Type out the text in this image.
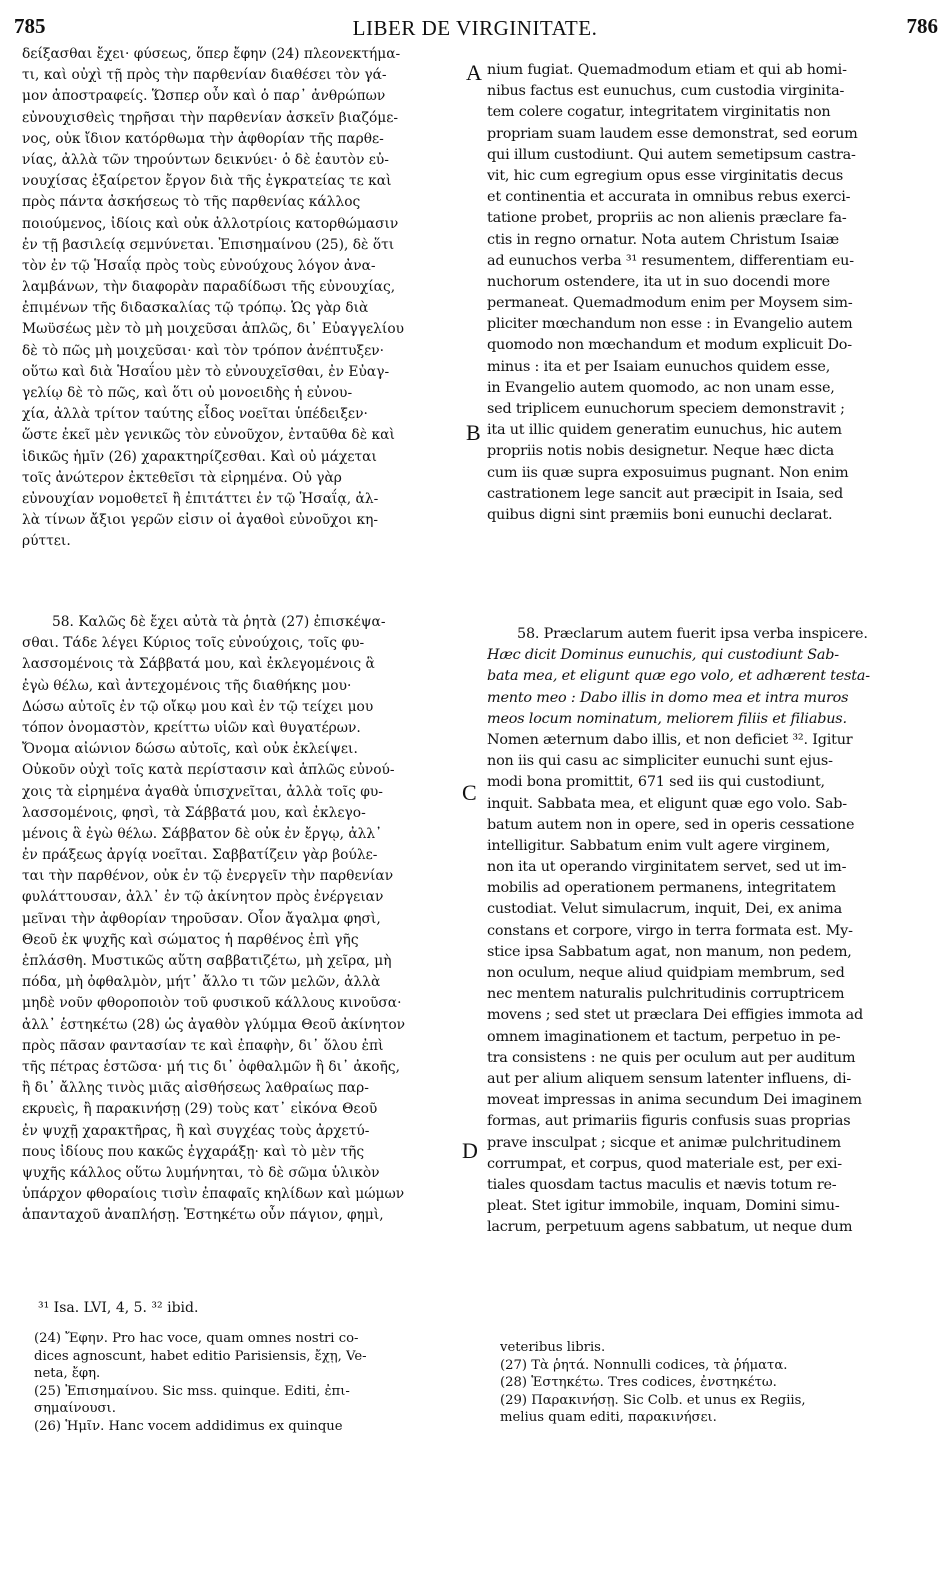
785	LIBER DE VIRGINITATE.	786
A
B
C
D
δείξασθαι ἔχει· φύσεως, ὅπερ ἔφην (24) πλεονεκτήμα-
τι, καὶ οὐχὶ τῇ πρὸς τὴν παρθενίαν διαθέσει τὸν γά-
μον ἀποστραφείς. Ὥσπερ οὖν καὶ ὁ παρ᾽ ἀνθρώπων
εὐνουχισθεὶς τηρῆσαι τὴν παρθενίαν ἀσκεῖν βιαζόμε-
νος, οὐκ ἴδιον κατόρθωμα τὴν ἀφθορίαν τῆς παρθε-
νίας, ἀλλὰ τῶν τηρούντων δεικνύει· ὁ δὲ ἑαυτὸν εὐ-
νουχίσας ἐξαίρετον ἔργον διὰ τῆς ἐγκρατείας τε καὶ
πρὸς πάντα ἀσκήσεως τὸ τῆς παρθενίας κάλλος
ποιούμενος, ἰδίοις καὶ οὐκ ἀλλοτρίοις κατορθώμασιν
ἐν τῇ βασιλείᾳ σεμνύνεται. Ἐπισημαίνου (25), δὲ ὅτι
τὸν ἐν τῷ Ἡσαΐᾳ πρὸς τοὺς εὐνούχους λόγον ἀνα-
λαμβάνων, τὴν διαφορὰν παραδίδωσι τῆς εὐνουχίας,
ἐπιμένων τῆς διδασκαλίας τῷ τρόπῳ. Ὡς γὰρ διὰ
Μωϋσέως μὲν τὸ μὴ μοιχεῦσαι ἁπλῶς, δι᾽ Εὐαγγελίου
δὲ τὸ πῶς μὴ μοιχεῦσαι· καὶ τὸν τρόπον ἀνέπτυξεν·
οὕτω καὶ διὰ Ἡσαΐου μὲν τὸ εὐνουχεῖσθαι, ἐν Εὐαγ-
γελίῳ δὲ τὸ πῶς, καὶ ὅτι οὐ μονοειδὴς ἡ εὐνου-
χία, ἀλλὰ τρίτον ταύτης εἶδος νοεῖται ὑπέδειξεν·
ὥστε ἐκεῖ μὲν γενικῶς τὸν εὐνοῦχον, ἐνταῦθα δὲ καὶ
ἰδικῶς ἡμῖν (26) χαρακτηρίζεσθαι. Καὶ οὐ μάχεται
τοῖς ἀνώτερον ἐκτεθεῖσι τὰ εἰρημένα. Οὐ γὰρ
εὐνουχίαν νομοθετεῖ ἢ ἐπιτάττει ἐν τῷ Ἡσαΐᾳ, ἀλ-
λὰ τίνων ἄξιοι γερῶν εἰσιν οἱ ἀγαθοὶ εὐνοῦχοι κη-
ρύττει.
58. Καλῶς δὲ ἔχει αὐτὰ τὰ ῥητὰ (27) ἐπισκέψα-
σθαι. Τάδε λέγει Κύριος τοῖς εὐνούχοις, τοῖς φυ-
λασσομένοις τὰ Σάββατά μου, καὶ ἐκλεγομένοις ἃ
ἐγὼ θέλω, καὶ ἀντεχομένοις τῆς διαθήκης μου·
Δώσω αὐτοῖς ἐν τῷ οἴκῳ μου καὶ ἐν τῷ τείχει μου
τόπον ὀνομαστὸν, κρείττω υἱῶν καὶ θυγατέρων.
Ὄνομα αἰώνιον δώσω αὐτοῖς, καὶ οὐκ ἐκλείψει.
Οὐκοῦν οὐχὶ τοῖς κατὰ περίστασιν καὶ ἁπλῶς εὐνού-
χοις τὰ εἰρημένα ἀγαθὰ ὑπισχνεῖται, ἀλλὰ τοῖς φυ-
λασσομένοις, φησὶ, τὰ Σάββατά μου, καὶ ἐκλεγο-
μένοις ἃ ἐγὼ θέλω. Σάββατον δὲ οὐκ ἐν ἔργῳ, ἀλλ᾽
ἐν πράξεως ἀργίᾳ νοεῖται. Σαββατίζειν γὰρ βούλε-
ται τὴν παρθένον, οὐκ ἐν τῷ ἐνεργεῖν τὴν παρθενίαν
φυλάττουσαν, ἀλλ᾽ ἐν τῷ ἀκίνητον πρὸς ἐνέργειαν
μεῖναι τὴν ἀφθορίαν τηροῦσαν. Οἷον ἄγαλμα φησὶ,
Θεοῦ ἐκ ψυχῆς καὶ σώματος ἡ παρθένος ἐπὶ γῆς
ἐπλάσθη. Μυστικῶς αὕτη σαββατιζέτω, μὴ χεῖρα, μὴ
πόδα, μὴ ὀφθαλμὸν, μήτ᾽ ἄλλο τι τῶν μελῶν, ἀλλὰ
μηδὲ νοῦν φθοροποιὸν τοῦ φυσικοῦ κάλλους κινοῦσα·
ἀλλ᾽ ἑστηκέτω (28) ὡς ἀγαθὸν γλύμμα Θεοῦ ἀκίνητον
πρὸς πᾶσαν φαντασίαν τε καὶ ἐπαφὴν, δι᾽ ὅλου ἐπὶ
τῆς πέτρας ἑστῶσα· μή τις δι᾽ ὀφθαλμῶν ἢ δι᾽ ἀκοῆς,
ἢ δι᾽ ἄλλης τινὸς μιᾶς αἰσθήσεως λαθραίως παρ-
εκρυεὶς, ἢ παρακινήσῃ (29) τοὺς κατ᾽ εἰκόνα Θεοῦ
ἐν ψυχῇ χαρακτῆρας, ἢ καὶ συγχέας τοὺς ἀρχετύ-
πους ἰδίους που κακῶς ἐγχαράξῃ· καὶ τὸ μὲν τῆς
ψυχῆς κάλλος οὕτω λυμήνηται, τὸ δὲ σῶμα ὑλικὸν
ὑπάρχον φθοραίοις τισὶν ἐπαφαῖς κηλίδων καὶ μώμων
ἁπανταχοῦ ἀναπλήσῃ. Ἑστηκέτω οὖν πάγιον, φημὶ,
³¹ Isa. LVI, 4, 5. ³² ibid.
nium fugiat. Quemadmodum etiam et qui ab homi-
nibus factus est eunuchus, cum custodia virginita-
tem colere cogatur, integritatem virginitatis non
propriam suam laudem esse demonstrat, sed eorum
qui illum custodiunt. Qui autem semetipsum castra-
vit, hic cum egregium opus esse virginitatis decus
et continentia et accurata in omnibus rebus exerci-
tatione probet, propriis ac non alienis præclare fa-
ctis in regno ornatur. Nota autem Christum Isaiæ
ad eunuchos verba ³¹ resumentem, differentiam eu-
nuchorum ostendere, ita ut in suo docendi more
permaneat. Quemadmodum enim per Moysem sim-
pliciter mœchandum non esse : in Evangelio autem
quomodo non mœchandum et modum explicuit Do-
minus : ita et per Isaiam eunuchos quidem esse,
in Evangelio autem quomodo, ac non unam esse,
sed triplicem eunuchorum speciem demonstravit ;
ita ut illic quidem generatim eunuchus, hic autem
propriis notis nobis designetur. Neque hæc dicta
cum iis quæ supra exposuimus pugnant. Non enim
castrationem lege sancit aut præcipit in Isaia, sed
quibus digni sint præmiis boni eunuchi declarat.
58. Præclarum autem fuerit ipsa verba inspicere.
Hæc dicit Dominus eunuchis, qui custodiunt Sab-
bata mea, et eligunt quæ ego volo, et adhærent testa-
mento meo : Dabo illis in domo mea et intra muros
meos locum nominatum, meliorem filiis et filiabus.
Nomen æternum dabo illis, et non deficiet ³². Igitur
non iis qui casu ac simpliciter eunuchi sunt ejus-
modi bona promittit, 671 sed iis qui custodiunt,
inquit. Sabbata mea, et eligunt quæ ego volo. Sab-
batum autem non in opere, sed in operis cessatione
intelligitur. Sabbatum enim vult agere virginem,
non ita ut operando virginitatem servet, sed ut im-
mobilis ad operationem permanens, integritatem
custodiat. Velut simulacrum, inquit, Dei, ex anima
constans et corpore, virgo in terra formata est. My-
stice ipsa Sabbatum agat, non manum, non pedem,
non oculum, neque aliud quidpiam membrum, sed
nec mentem naturalis pulchritudinis corruptricem
movens ; sed stet ut præclara Dei effigies immota ad
omnem imaginationem et tactum, perpetuo in pe-
tra consistens : ne quis per oculum aut per auditum
aut per alium aliquem sensum latenter influens, di-
moveat impressas in anima secundum Dei imaginem
formas, aut primariis figuris confusis suas proprias
prave insculpat ; sicque et animæ pulchritudinem
corrumpat, et corpus, quod materiale est, per exi-
tiales quosdam tactus maculis et nævis totum re-
pleat. Stet igitur immobile, inquam, Domini simu-
lacrum, perpetuum agens sabbatum, ut neque dum
(24) Ἔφην. Pro hac voce, quam omnes nostri co-
dices agnoscunt, habet editio Parisiensis, ἔχῃ, Ve-
neta, ἔφη.
(25) Ἐπισημαίνου. Sic mss. quinque. Editi, ἐπι-
σημαίνουσι.
(26) Ἡμῖν. Hanc vocem addidimus ex quinque
veteribus libris.
(27) Τὰ ῥητά. Nonnulli codices, τὰ ῥήματα.
(28) Ἑστηκέτω. Tres codices, ἐνστηκέτω.
(29) Παρακινήσῃ. Sic Colb. et unus ex Regiis,
melius quam editi, παρακινήσει.
